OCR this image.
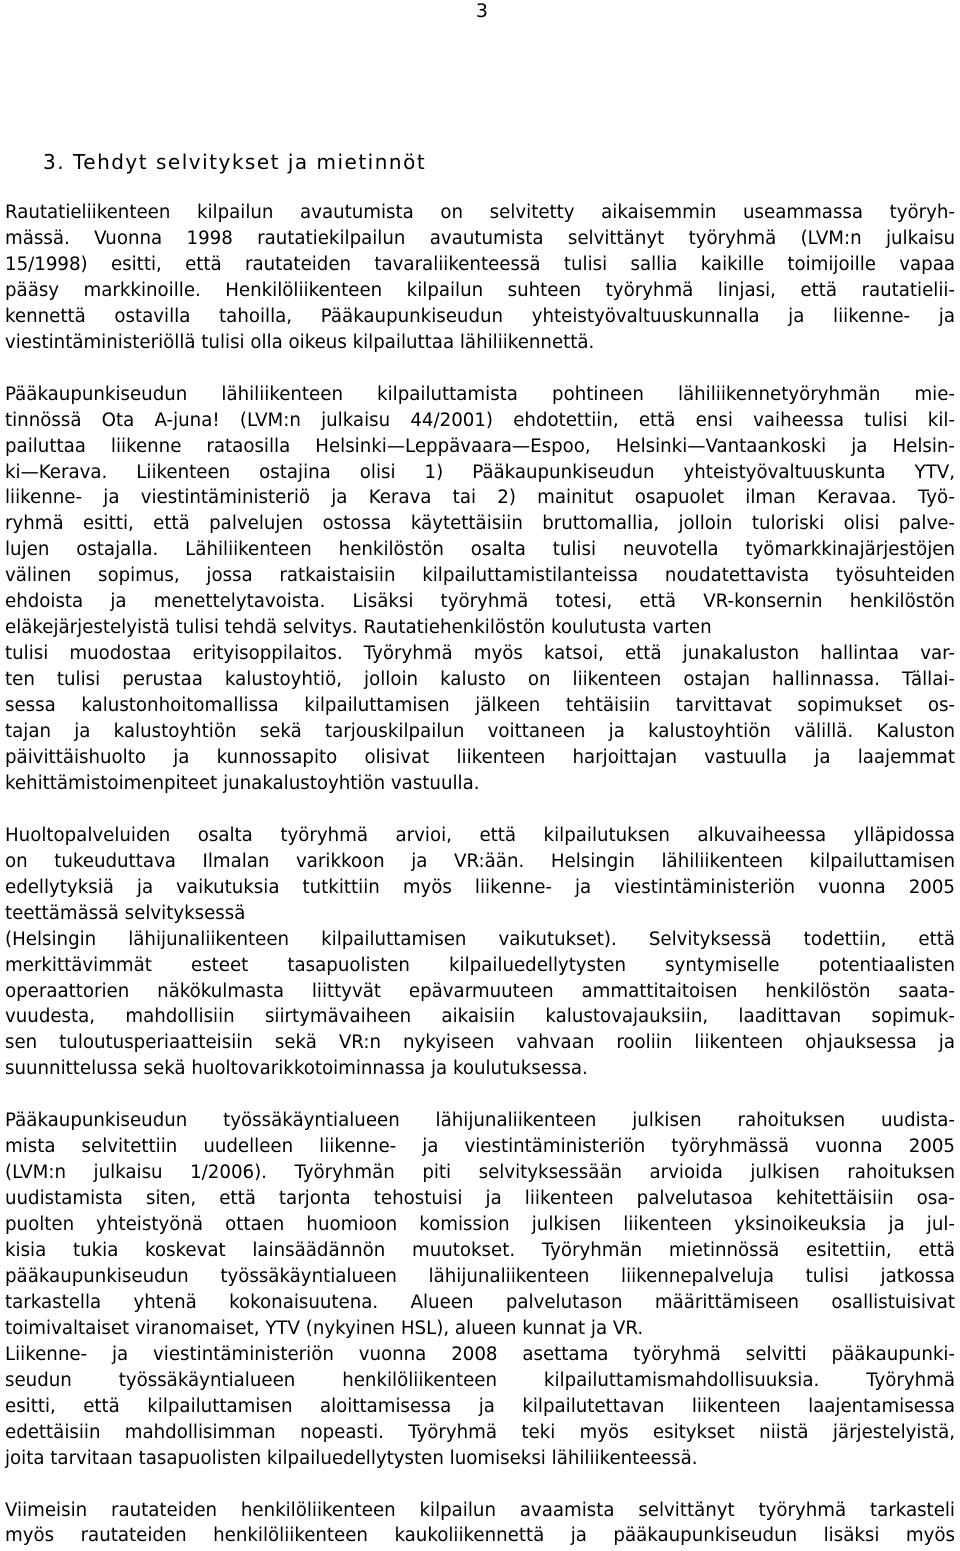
3
3. Tehdyt selvitykset ja mietinnöt
Rautatieliikenteen kilpailun avautumista on selvitetty aikaisemmin useammassa työryh-
mässä. Vuonna 1998 rautatiekilpailun avautumista selvittänyt työryhmä (LVM:n julkaisu
15/1998) esitti, että rautateiden tavaraliikenteessä tulisi sallia kaikille toimijoille vapaa
pääsy markkinoille. Henkilöliikenteen kilpailun suhteen työryhmä linjasi, että rautatielii-
kennettä ostavilla tahoilla, Pääkaupunkiseudun yhteistyövaltuuskunnalla ja liikenne- ja
viestintäministeriöllä tulisi olla oikeus kilpailuttaa lähiliikennettä.
Pääkaupunkiseudun lähiliikenteen kilpailuttamista pohtineen lähiliikennetyöryhmän mie-
tinnössä Ota A-juna! (LVM:n julkaisu 44/2001) ehdotettiin, että ensi vaiheessa tulisi kil-
pailuttaa liikenne rataosilla Helsinki—Leppävaara—Espoo, Helsinki—Vantaankoski ja Helsin-
ki—Kerava. Liikenteen ostajina olisi 1) Pääkaupunkiseudun yhteistyövaltuuskunta YTV,
liikenne- ja viestintäministeriö ja Kerava tai 2) mainitut osapuolet ilman Keravaa. Työ-
ryhmä esitti, että palvelujen ostossa käytettäisiin bruttomallia, jolloin tuloriski olisi palve-
lujen ostajalla. Lähiliikenteen henkilöstön osalta tulisi neuvotella työmarkkinajärjestöjen
välinen sopimus, jossa ratkaistaisiin kilpailuttamistilanteissa noudatettavista työsuhteiden
ehdoista ja menettelytavoista. Lisäksi työryhmä totesi, että VR-konsernin henkilöstön
eläkejärjestelyistä tulisi tehdä selvitys. Rautatiehenkilöstön koulutusta varten
tulisi muodostaa erityisoppilaitos. Työryhmä myös katsoi, että junakaluston hallintaa var-
ten tulisi perustaa kalustoyhtiö, jolloin kalusto on liikenteen ostajan hallinnassa. Tällai-
sessa kalustonhoitomallissa kilpailuttamisen jälkeen tehtäisiin tarvittavat sopimukset os-
tajan ja kalustoyhtiön sekä tarjouskilpailun voittaneen ja kalustoyhtiön välillä. Kaluston
päivittäishuolto ja kunnossapito olisivat liikenteen harjoittajan vastuulla ja laajemmat
kehittämistoimenpiteet junakalustoyhtiön vastuulla.
Huoltopalveluiden osalta työryhmä arvioi, että kilpailutuksen alkuvaiheessa ylläpidossa
on tukeuduttava Ilmalan varikkoon ja VR:ään. Helsingin lähiliikenteen kilpailuttamisen
edellytyksiä ja vaikutuksia tutkittiin myös liikenne- ja viestintäministeriön vuonna 2005
teettämässä selvityksessä
(Helsingin lähijunaliikenteen kilpailuttamisen vaikutukset). Selvityksessä todettiin, että
merkittävimmät esteet tasapuolisten kilpailuedellytysten syntymiselle potentiaalisten
operaattorien näkökulmasta liittyvät epävarmuuteen ammattitaitoisen henkilöstön saata-
vuudesta, mahdollisiin siirtymävaiheen aikaisiin kalustovajauksiin, laadittavan sopimuk-
sen tuloutusperiaatteisiin sekä VR:n nykyiseen vahvaan rooliin liikenteen ohjauksessa ja
suunnittelussa sekä huoltovarikkotoiminnassa ja koulutuksessa.
Pääkaupunkiseudun työssäkäyntialueen lähijunaliikenteen julkisen rahoituksen uudista-
mista selvitettiin uudelleen liikenne- ja viestintäministeriön työryhmässä vuonna 2005
(LVM:n julkaisu 1/2006). Työryhmän piti selvityksessään arvioida julkisen rahoituksen
uudistamista siten, että tarjonta tehostuisi ja liikenteen palvelutasoa kehitettäisiin osa-
puolten yhteistyönä ottaen huomioon komission julkisen liikenteen yksinoikeuksia ja jul-
kisia tukia koskevat lainsäädännön muutokset. Työryhmän mietinnössä esitettiin, että
pääkaupunkiseudun työssäkäyntialueen lähijunaliikenteen liikennepalveluja tulisi jatkossa
tarkastella yhtenä kokonaisuutena. Alueen palvelutason määrittämiseen osallistuisivat
toimivaltaiset viranomaiset, YTV (nykyinen HSL), alueen kunnat ja VR.
Liikenne- ja viestintäministeriön vuonna 2008 asettama työryhmä selvitti pääkaupunki-
seudun työssäkäyntialueen henkilöliikenteen kilpailuttamismahdollisuuksia. Työryhmä
esitti, että kilpailuttamisen aloittamisessa ja kilpailutettavan liikenteen laajentamisessa
edettäisiin mahdollisimman nopeasti. Työryhmä teki myös esitykset niistä järjestelyistä,
joita tarvitaan tasapuolisten kilpailuedellytysten luomiseksi lähiliikenteessä.
Viimeisin rautateiden henkilöliikenteen kilpailun avaamista selvittänyt työryhmä tarkasteli
myös rautateiden henkilöliikenteen kaukoliikennettä ja pääkaupunkiseudun lisäksi myös
